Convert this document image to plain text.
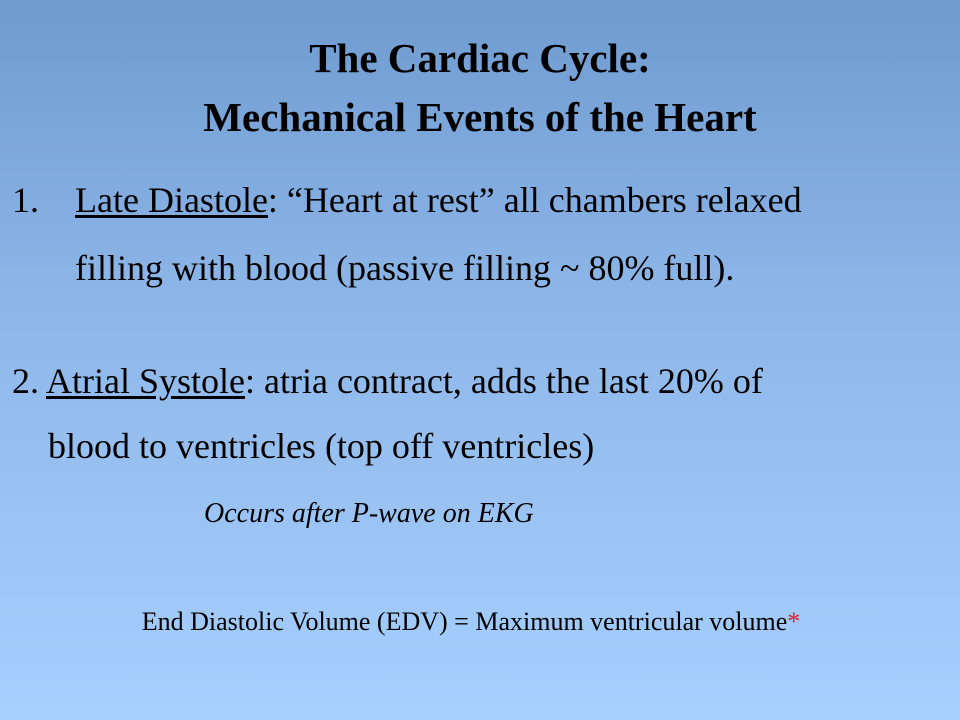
The Cardiac Cycle:
Mechanical Events of the Heart
1. Late Diastole: “Heart at rest” all chambers relaxed
filling with blood (passive filling ~ 80% full).
2. Atrial Systole: atria contract, adds the last 20% of
blood to ventricles (top off ventricles)
Occurs after P-wave on EKG
End Diastolic Volume (EDV) = Maximum ventricular volume*
